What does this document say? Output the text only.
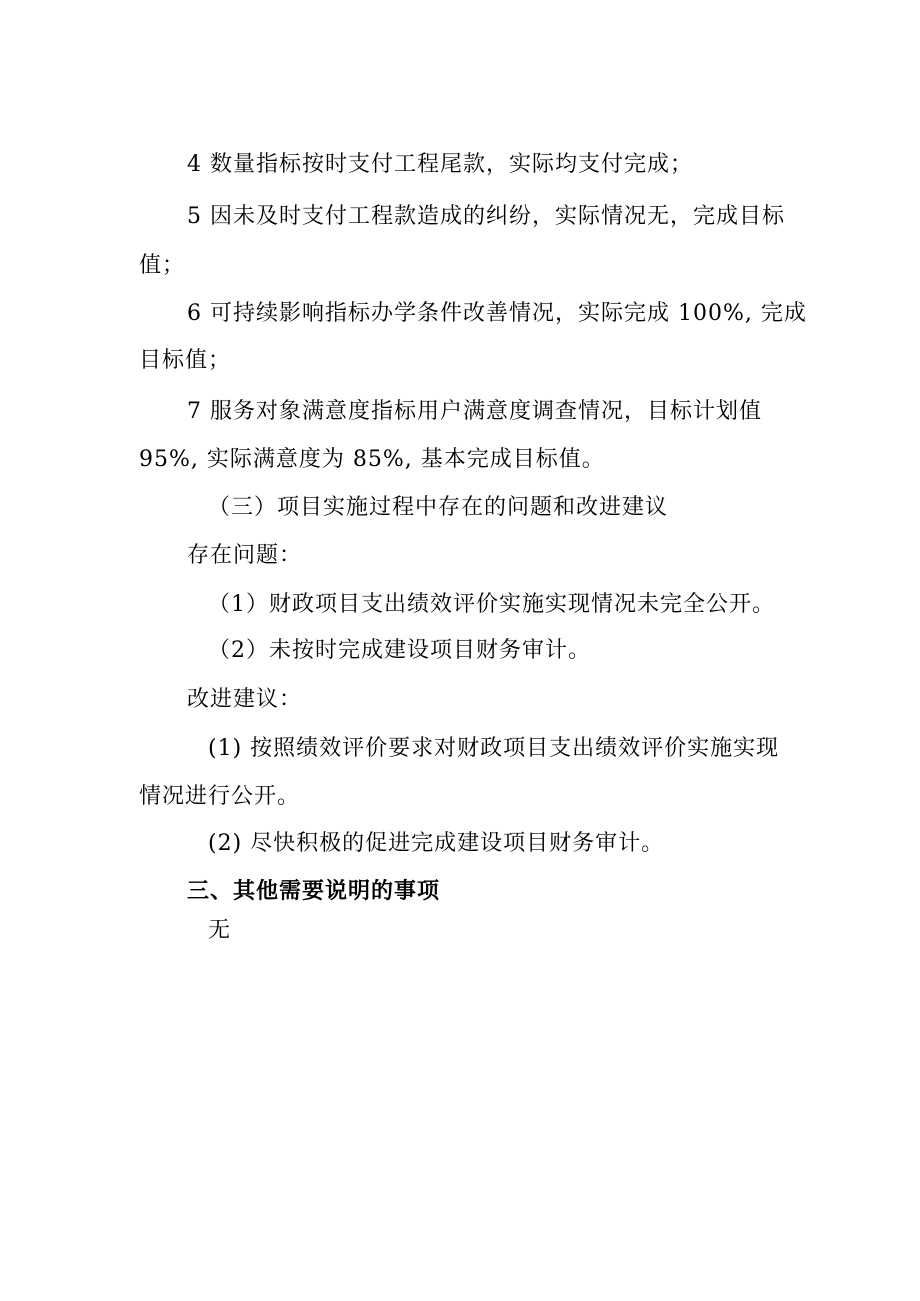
4 数量指标按时支付工程尾款，实际均支付完成；
5 因未及时支付工程款造成的纠纷，实际情况无，完成目标
值；
6 可持续影响指标办学条件改善情况，实际完成 100%, 完成
目标值；
7 服务对象满意度指标用户满意度调查情况，目标计划值
95%, 实际满意度为 85%, 基本完成目标值。
（三）项目实施过程中存在的问题和改进建议
存在问题：
（1）财政项目支出绩效评价实施实现情况未完全公开。
（2）未按时完成建设项目财务审计。
改进建议：
(1) 按照绩效评价要求对财政项目支出绩效评价实施实现
情况进行公开。
(2) 尽快积极的促进完成建设项目财务审计。
三、其他需要说明的事项
无
